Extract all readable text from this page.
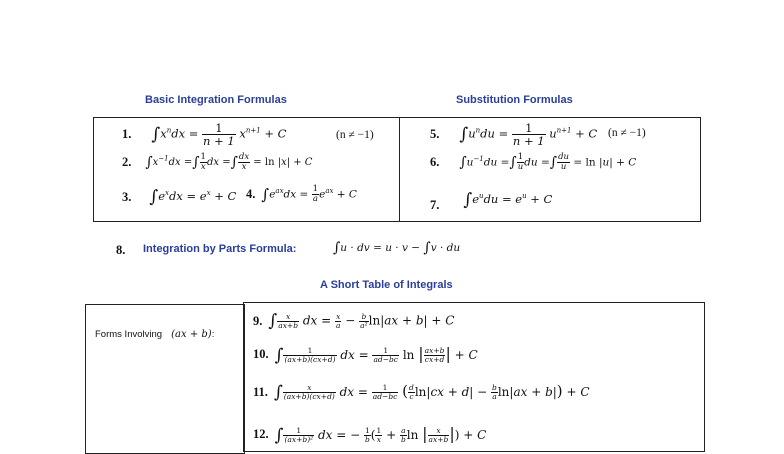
Basic Integration Formulas	Substitution Formulas
1. $\int x^ndx = \frac{1}{n + 1} x^{n+1} + C$	(n ≠ −1)
2. $\int x^{-1}dx$ =∫ $\frac{1}{x}$ dx =∫ $\frac{dx}{x} = \ln |x| + C$
3. $\int e^xdx = e^x + C$ 4. $\int e^{ax}dx = \frac{1}{a} e^{ax} + C$
5. $\int u^ndu = \frac{1}{n + 1} u^{n+1} + C$ (n ≠ −1)
6. $\int u^{-1}du$ =∫ $\frac{1}{u}$ du =∫ $\frac{du}{u} = \ln |u| + C$
7. $\int e^udu = e^u + C$
8. Integration by Parts Formula:	∫u · dv = u · v − ∫v · du
A Short Table of Integrals
Forms Involving (ax + b):
9. ∫ $\frac{x}{ax+b}$ dx = $\frac{x}{a} - \frac{b}{\text{a²}} \ln|ax + b| + C$
10. ∫ $\frac{1}{(ax+b)(cx+d)}$ dx = $\frac{1}{ad-bc}$ ln | $\frac{ax+b}{cx+d}$ | + C
11. ∫ $\frac{x}{(ax+b)(cx+d)}$ dx = $\frac{1}{ad-bc}$ ( $\frac{d}{c} \ln|cx + d| - \frac{b}{a} \ln|ax + b|) + C$
12. ∫ $\frac{1}{\text{(ax+b)²}}$ dx = − $\frac{1}{b}$ ( $\frac{1}{x} + \frac{a}{b}$ ln | $\frac{x}{ax+b}$ |) + C
